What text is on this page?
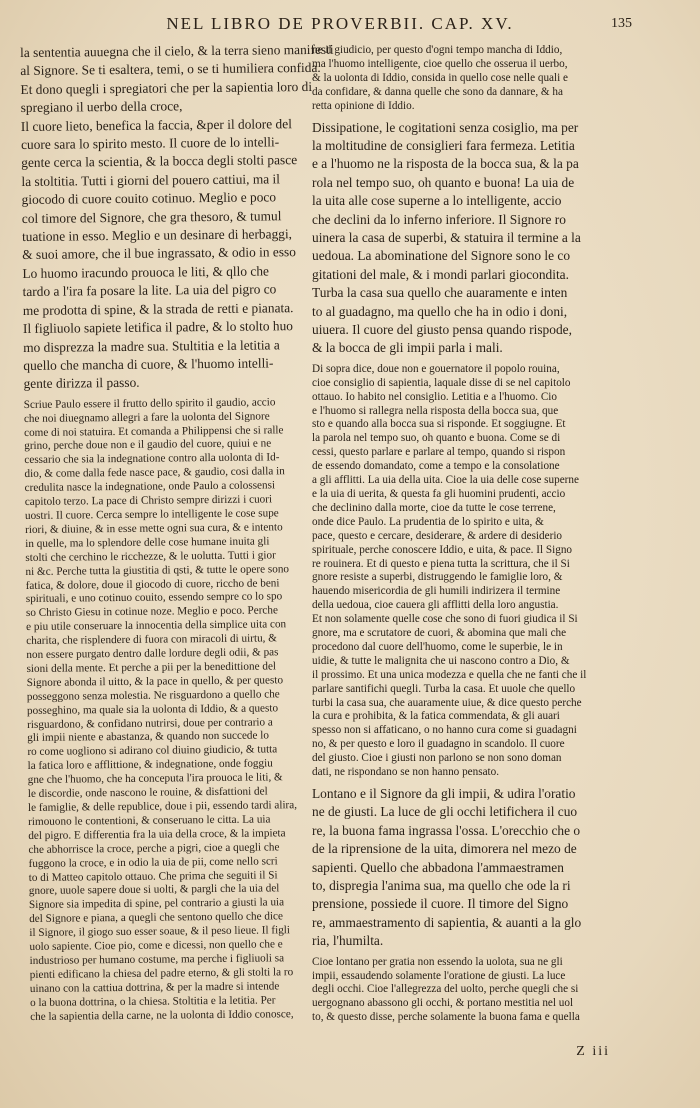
NEL LIBRO DE PROVERBII. CAP. XV.	135
la sententia auuegna che il cielo, & la terra sieno manifesti
al Signore. Se ti esaltera, temi, o se ti humiliera confida.
Et dono quegli i spregiatori che per la sapientia loro di
spregiano il uerbo della croce,
Il cuore lieto, benefica la faccia, &per il dolore del
cuore sara lo spirito mesto. Il cuore de lo intelli-
gente cerca la scientia, & la bocca degli stolti pasce
la stoltitia. Tutti i giorni del pouero cattiui, ma il
giocodo di cuore couito cotinuo. Meglio e poco
col timore del Signore, che gra thesoro, & tumul
tuatione in esso. Meglio e un desinare di herbaggi,
& suoi amore, che il bue ingrassato, & odio in esso
Lo huomo iracundo prouoca le liti, & qllo che
tardo a l'ira fa posare la lite. La uia del pigro co
me prodotta di spine, & la strada de retti e pianata.
Il figliuolo sapiete letifica il padre, & lo stolto huo
mo disprezza la madre sua. Stultitia e la letitia a
quello che mancha di cuore, & l'huomo intelli-
gente dirizza il passo.
Scriue Paulo essere il frutto dello spirito il gaudio, accio
che noi diuegnamo allegri a fare la uolonta del Signore
come di noi statuira. Et comanda a Philippensi che si ralle
grino, perche doue non e il gaudio del cuore, quiui e ne
cessario che sia la indegnatione contro alla uolonta di Id-
dio, & come dalla fede nasce pace, & gaudio, cosi dalla in
credulita nasce la indegnatione, onde Paulo a colossensi
capitolo terzo. La pace di Christo sempre dirizzi i cuori
uostri. Il cuore. Cerca sempre lo intelligente le cose supe
riori, & diuine, & in esse mette ogni sua cura, & e intento
in quelle, ma lo splendore delle cose humane inuita gli
stolti che cerchino le ricchezze, & le uolutta. Tutti i gior
ni &c. Perche tutta la giustitia di qsti, & tutte le opere sono
fatica, & dolore, doue il giocodo di cuore, riccho de beni
spirituali, e uno cotinuo couito, essendo sempre co lo spo
so Christo Giesu in cotinue noze. Meglio e poco. Perche
e piu utile conseruare la innocentia della simplice uita con
charita, che risplendere di fuora con miracoli di uirtu, &
non essere purgato dentro dalle lordure degli odii, & pas
sioni della mente. Et perche a pii per la benedittione del
Signore abonda il uitto, & la pace in quello, & per questo
posseggono senza molestia. Ne risguardono a quello che
posseghino, ma quale sia la uolonta di Iddio, & a questo
risguardono, & confidano nutrirsi, doue per contrario a
gli impii niente e abastanza, & quando non succede lo
ro come uogliono si adirano col diuino giudicio, & tutta
la fatica loro e afflittione, & indegnatione, onde foggiu
gne che l'huomo, che ha conceputa l'ira prouoca le liti, &
le discordie, onde nascono le rouine, & disfattioni del
le famiglie, & delle republice, doue i pii, essendo tardi alira,
rimouono le contentioni, & conseruano le citta. La uia
del pigro. E differentia fra la uia della croce, & la impieta
che abhorrisce la croce, perche a pigri, cioe a quegli che
fuggono la croce, e in odio la uia de pii, come nello scri
to di Matteo capitolo ottauo. Che prima che seguiti il Si
gnore, uuole sapere doue si uolti, & pargli che la uia del
Signore sia impedita di spine, pel contrario a giusti la uia
del Signore e piana, a quegli che sentono quello che dice
il Signore, il giogo suo esser soaue, & il peso lieue. Il figli
uolo sapiente. Cioe pio, come e dicessi, non quello che e
industrioso per humano costume, ma perche i figliuoli sa
pienti edificano la chiesa del padre eterno, & gli stolti la ro
uinano con la cattiua dottrina, & per la madre si intende
o la buona dottrina, o la chiesa. Stoltitia e la letitia. Per
che la sapientia della carne, ne la uolonta di Iddio conosce,
ne il giudicio, per questo d'ogni tempo mancha di Iddio,
ma l'huomo intelligente, cioe quello che osserua il uerbo,
& la uolonta di Iddio, consida in quello cose nelle quali e
da confidare, & danna quelle che sono da dannare, & ha
retta opinione di Iddio.
Dissipatione, le cogitationi senza cosiglio, ma per
la moltitudine de consiglieri fara fermeza. Letitia
e a l'huomo ne la risposta de la bocca sua, & la pa
rola nel tempo suo, oh quanto e buona! La uia de
la uita alle cose superne a lo intelligente, accio
che declini da lo inferno inferiore. Il Signore ro
uinera la casa de superbi, & statuira il termine a la
uedoua. La abominatione del Signore sono le co
gitationi del male, & i mondi parlari giocondita.
Turba la casa sua quello che auaramente e inten
to al guadagno, ma quello che ha in odio i doni,
uiuera. Il cuore del giusto pensa quando rispode,
& la bocca de gli impii parla i mali.
Di sopra dice, doue non e gouernatore il popolo rouina,
cioe consiglio di sapientia, laquale disse di se nel capitolo
ottauo. Io habito nel consiglio. Letitia e a l'huomo. Cio
e l'huomo si rallegra nella risposta della bocca sua, que
sto e quando alla bocca sua si risponde. Et soggiugne. Et
la parola nel tempo suo, oh quanto e buona. Come se di
cessi, questo parlare e parlare al tempo, quando si rispon
de essendo domandato, come a tempo e la consolatione
a gli afflitti. La uia della uita. Cioe la uia delle cose superne
e la uia di uerita, & questa fa gli huomini prudenti, accio
che declinino dalla morte, cioe da tutte le cose terrene,
onde dice Paulo. La prudentia de lo spirito e uita, &
pace, questo e cercare, desiderare, & ardere di desiderio
spirituale, perche conoscere Iddio, e uita, & pace. Il Signo
re rouinera. Et di questo e piena tutta la scrittura, che il Si
gnore resiste a superbi, distruggendo le famiglie loro, &
hauendo misericordia de gli humili indirizera il termine
della uedoua, cioe cauera gli afflitti della loro angustia.
Et non solamente quelle cose che sono di fuori giudica il Si
gnore, ma e scrutatore de cuori, & abomina que mali che
procedono dal cuore dell'huomo, come le superbie, le in
uidie, & tutte le malignita che ui nascono contro a Dio, &
il prossimo. Et una unica modezza e quella che ne fanti che il
parlare santifichi quegli. Turba la casa. Et uuole che quello
turbi la casa sua, che auaramente uiue, & dice questo perche
la cura e prohibita, & la fatica commendata, & gli auari
spesso non si affaticano, o no hanno cura come si guadagni
no, & per questo e loro il guadagno in scandolo. Il cuore
del giusto. Cioe i giusti non parlono se non sono doman
dati, ne rispondano se non hanno pensato.
Lontano e il Signore da gli impii, & udira l'oratio
ne de giusti. La luce de gli occhi letifichera il cuo
re, la buona fama ingrassa l'ossa. L'orecchio che o
de la riprensione de la uita, dimorera nel mezo de
sapienti. Quello che abbadona l'ammaestramen
to, dispregia l'anima sua, ma quello che ode la ri
prensione, possiede il cuore. Il timore del Signo
re, ammaestramento di sapientia, & auanti a la glo
ria, l'humilta.
Cioe lontano per gratia non essendo la uolota, sua ne gli
impii, essaudendo solamente l'oratione de giusti. La luce
degli occhi. Cioe l'allegrezza del uolto, perche quegli che si
uergognano abassono gli occhi, & portano mestitia nel uol
to, & questo disse, perche solamente la buona fama e quella
Z iii
